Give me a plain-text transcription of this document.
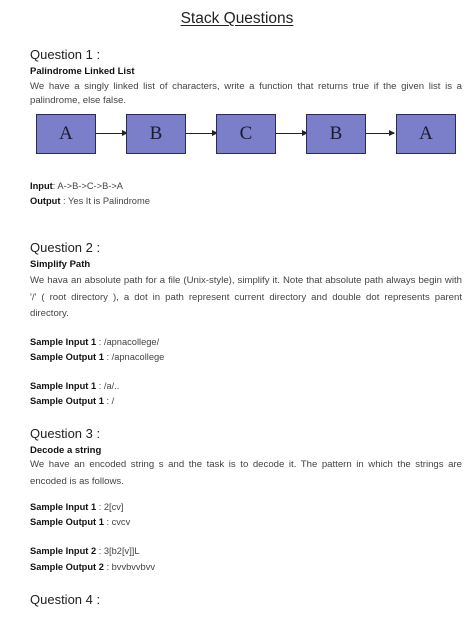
Stack Questions
Question 1 :
Palindrome Linked List
We have a singly linked list of characters, write a function that returns true if the given list is a palindrome, else false.
A	B	C	B	A
Input: A->B->C->B->A
Output : Yes It is Palindrome
Question 2 :
Simplify Path
We hava an absolute path for a file (Unix-style), simplify it. Note that absolute path always begin with '/' ( root directory ), a dot in path represent current directory and double dot represents parent directory.
Sample Input 1 : /apnacollege/
Sample Output 1 : /apnacollege
Sample Input 1 : /a/..
Sample Output 1 : /
Question 3 :
Decode a string
We have an encoded string s and the task is to decode it. The pattern in which the strings are encoded is as follows.
Sample Input 1 : 2[cv]
Sample Output 1 : cvcv
Sample Input 2 : 3[b2[v]]L
Sample Output 2 : bvvbvvbvv
Question 4 :
